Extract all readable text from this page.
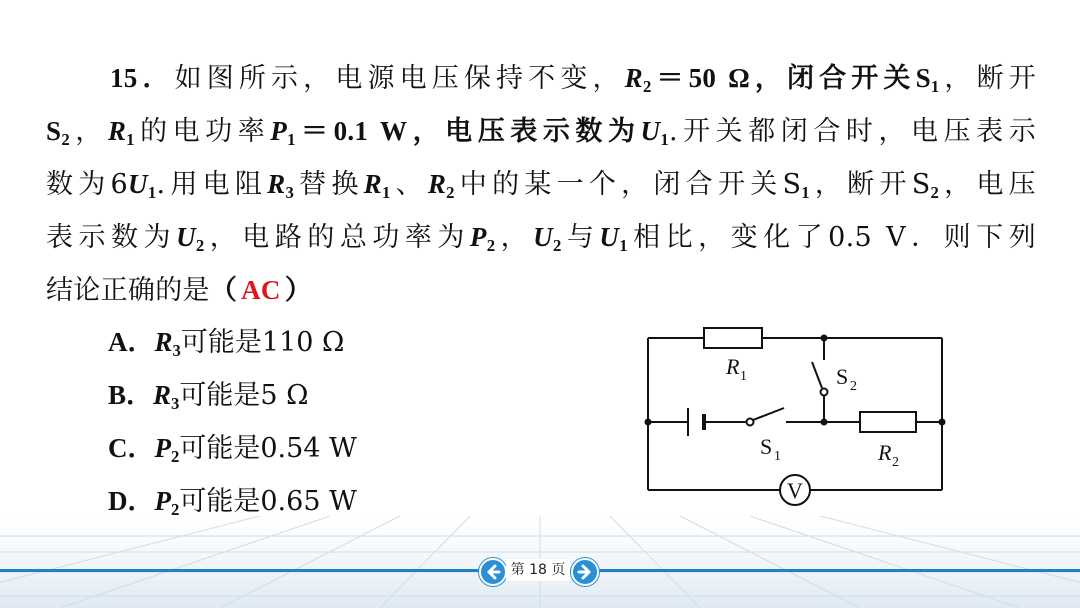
15．如图所示，电源电压保持不变，$R_2=50$ Ω，闭合开关$S_1$，断开
$S_2$，$R_1$的电功率$P_1=0.1$ W，电压表示数为$U_1$.开关都闭合时，电压表示
数为$6U_1$.用电阻$R_3$替换$R_1$、$R_2$中的某一个，闭合开关$S_1$，断开$S_2$，电压
表示数为$U_2$，电路的总功率为$P_2$，$U_2$与$U_1$相比，变化了0.5 V．则下列
结论正确的是（ AC ）

A．$R_3$可能是110 Ω
B．$R_3$可能是5 Ω
C．$P_2$可能是0.54 W
D．$P_2$可能是0.65 W	V
R 1	S 2
S 1	R 2
第 18 页
